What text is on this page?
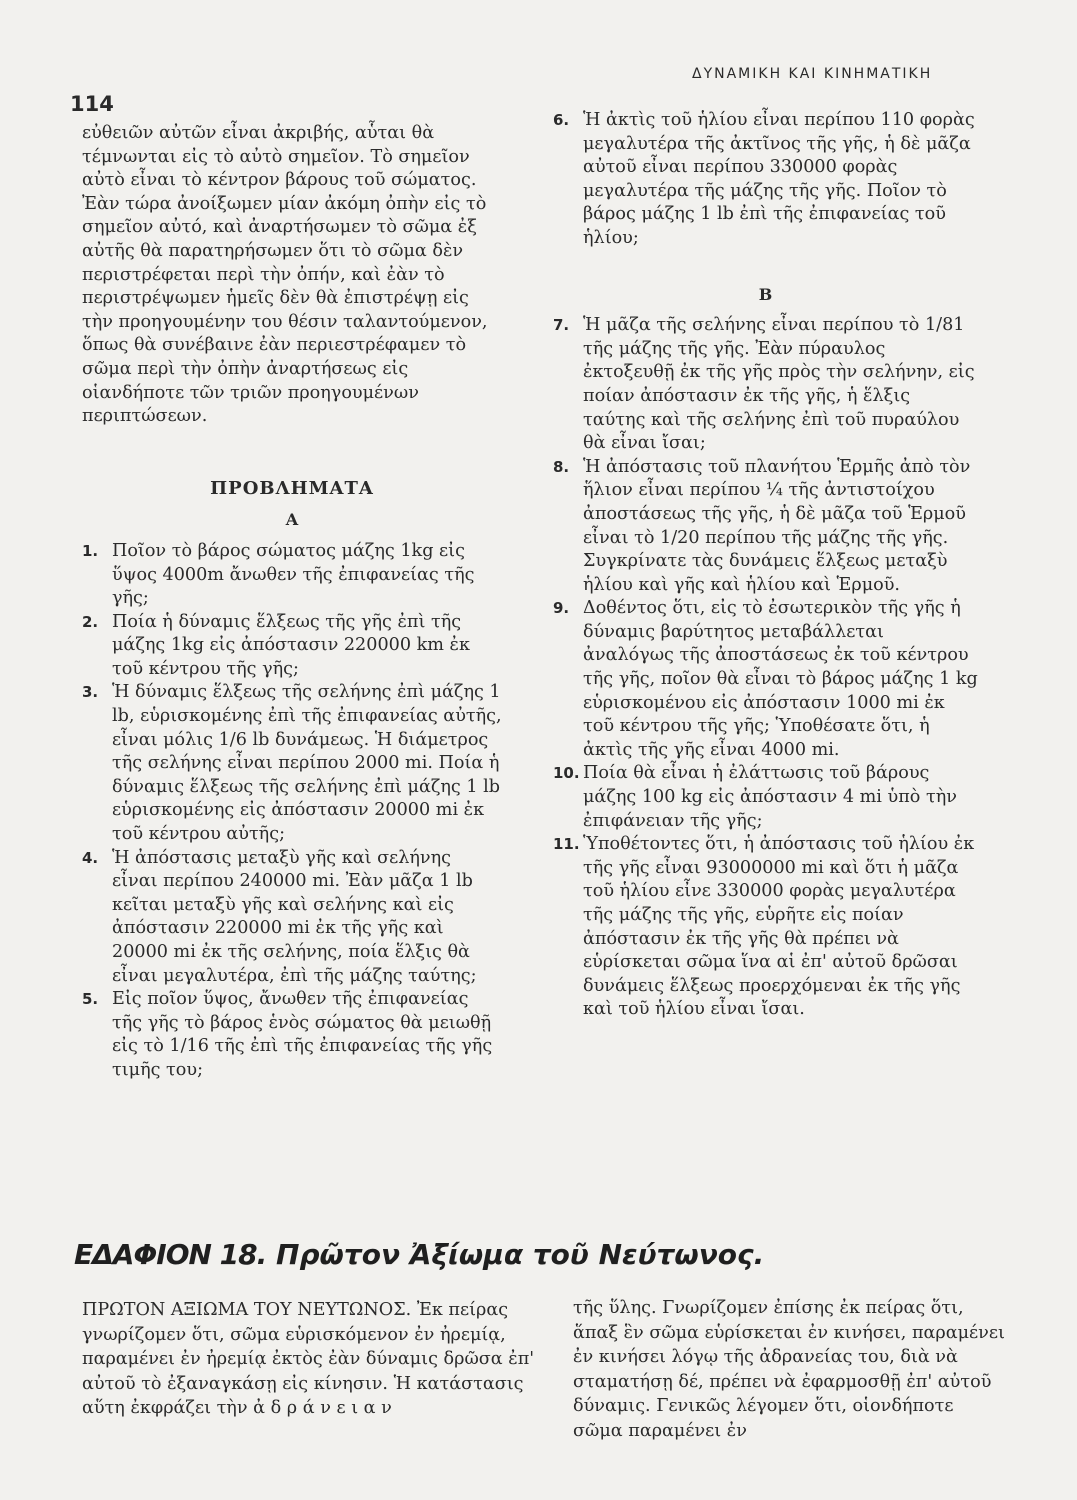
114
ΔΥΝΑΜΙΚΗ ΚΑΙ ΚΙΝΗΜΑΤΙΚΗ

εὐθειῶν αὐτῶν εἶναι ἀκριβής, αὗται θὰ τέμνωνται εἰς τὸ αὐτὸ σημεῖον. Τὸ σημεῖον αὐτὸ εἶναι τὸ κέντρον βάρους τοῦ σώματος. Ἐὰν τώρα ἀνοίξωμεν μίαν ἀκόμη ὀπὴν εἰς τὸ σημεῖον αὐτό, καὶ ἀναρτήσωμεν τὸ σῶμα ἐξ αὐτῆς θὰ παρατηρήσωμεν ὅτι τὸ σῶμα δὲν περιστρέφεται περὶ τὴν ὀπήν, καὶ ἐὰν τὸ περιστρέψωμεν ἡμεῖς δὲν θὰ ἐπιστρέψῃ εἰς τὴν προηγουμένην του θέσιν ταλαντούμενον, ὅπως θὰ συνέβαινε ἐὰν περιεστρέφαμεν τὸ σῶμα περὶ τὴν ὀπὴν ἀναρτήσεως εἰς οἱανδήποτε τῶν τριῶν προηγουμένων περιπτώσεων.

ΠΡΟΒΛΗΜΑΤΑ

Α

1. Ποῖον τὸ βάρος σώματος μάζης 1kg εἰς ὕψος 4000m ἄνωθεν τῆς ἐπιφανείας τῆς γῆς;
2. Ποία ἡ δύναμις ἕλξεως τῆς γῆς ἐπὶ τῆς μάζης 1kg εἰς ἀπόστασιν 220000 km ἐκ τοῦ κέντρου τῆς γῆς;
3. Ἡ δύναμις ἕλξεως τῆς σελήνης ἐπὶ μάζης 1 lb, εὑρισκομένης ἐπὶ τῆς ἐπιφανείας αὐτῆς, εἶναι μόλις 1/6 lb δυνάμεως. Ἡ διάμετρος τῆς σελήνης εἶναι περίπου 2000 mi. Ποία ἡ δύναμις ἕλξεως τῆς σελήνης ἐπὶ μάζης 1 lb εὑρισκομένης εἰς ἀπόστασιν 20000 mi ἐκ τοῦ κέντρου αὐτῆς;
4. Ἡ ἀπόστασις μεταξὺ γῆς καὶ σελήνης εἶναι περίπου 240000 mi. Ἐὰν μᾶζα 1 lb κεῖται μεταξὺ γῆς καὶ σελήνης καὶ εἰς ἀπόστασιν 220000 mi ἐκ τῆς γῆς καὶ 20000 mi ἐκ τῆς σελήνης, ποία ἕλξις θὰ εἶναι μεγαλυτέρα, ἐπὶ τῆς μάζης ταύτης;
5. Εἰς ποῖον ὕψος, ἄνωθεν τῆς ἐπιφανείας τῆς γῆς τὸ βάρος ἑνὸς σώματος θὰ μειωθῇ εἰς τὸ 1/16 τῆς ἐπὶ τῆς ἐπιφανείας τῆς γῆς τιμῆς του;
6. Ἡ ἀκτὶς τοῦ ἡλίου εἶναι περίπου 110 φορὰς μεγαλυτέρα τῆς ἀκτῖνος τῆς γῆς, ἡ δὲ μᾶζα αὐτοῦ εἶναι περίπου 330000 φορὰς μεγαλυτέρα τῆς μάζης τῆς γῆς. Ποῖον τὸ βάρος μάζης 1 lb ἐπὶ τῆς ἐπιφανείας τοῦ ἡλίου;

Β

7. Ἡ μᾶζα τῆς σελήνης εἶναι περίπου τὸ 1/81 τῆς μάζης τῆς γῆς. Ἐὰν πύραυλος ἐκτοξευθῇ ἐκ τῆς γῆς πρὸς τὴν σελήνην, εἰς ποίαν ἀπόστασιν ἐκ τῆς γῆς, ἡ ἕλξις ταύτης καὶ τῆς σελήνης ἐπὶ τοῦ πυραύλου θὰ εἶναι ἴσαι;
8. Ἡ ἀπόστασις τοῦ πλανήτου Ἑρμῆς ἀπὸ τὸν ἥλιον εἶναι περίπου ¼ τῆς ἀντιστοίχου ἀποστάσεως τῆς γῆς, ἡ δὲ μᾶζα τοῦ Ἑρμοῦ εἶναι τὸ 1/20 περίπου τῆς μάζης τῆς γῆς. Συγκρίνατε τὰς δυνάμεις ἕλξεως μεταξὺ ἡλίου καὶ γῆς καὶ ἡλίου καὶ Ἑρμοῦ.
9. Δοθέντος ὅτι, εἰς τὸ ἐσωτερικὸν τῆς γῆς ἡ δύναμις βαρύτητος μεταβάλλεται ἀναλόγως τῆς ἀποστάσεως ἐκ τοῦ κέντρου τῆς γῆς, ποῖον θὰ εἶναι τὸ βάρος μάζης 1 kg εὑρισκομένου εἰς ἀπόστασιν 1000 mi ἐκ τοῦ κέντρου τῆς γῆς; Ὑποθέσατε ὅτι, ἡ ἀκτὶς τῆς γῆς εἶναι 4000 mi.
10. Ποία θὰ εἶναι ἡ ἐλάττωσις τοῦ βάρους μάζης 100 kg εἰς ἀπόστασιν 4 mi ὑπὸ τὴν ἐπιφάνειαν τῆς γῆς;
11. Ὑποθέτοντες ὅτι, ἡ ἀπόστασις τοῦ ἡλίου ἐκ τῆς γῆς εἶναι 93000000 mi καὶ ὅτι ἡ μᾶζα τοῦ ἡλίου εἶνε 330000 φορὰς μεγαλυτέρα τῆς μάζης τῆς γῆς, εὑρῆτε εἰς ποίαν ἀπόστασιν ἐκ τῆς γῆς θὰ πρέπει νὰ εὑρίσκεται σῶμα ἵνα αἱ ἐπ' αὐτοῦ δρῶσαι δυνάμεις ἕλξεως προερχόμεναι ἐκ τῆς γῆς καὶ τοῦ ἡλίου εἶναι ἴσαι.
ΕΔΑΦΙΟΝ 18. Πρῶτον Ἀξίωμα τοῦ Νεύτωνος.
ΠΡΩΤΟΝ ΑΞΙΩΜΑ ΤΟΥ ΝΕΥΤΩΝΟΣ. Ἐκ πείρας γνωρίζομεν ὅτι, σῶμα εὑρισκόμενον ἐν ἠρεμίᾳ, παραμένει ἐν ἠρεμίᾳ ἐκτὸς ἐὰν δύναμις δρῶσα ἐπ' αὐτοῦ τὸ ἐξαναγκάσῃ εἰς κίνησιν. Ἡ κατάστασις αὕτη ἐκφράζει τὴν ἀ δ ρ ά ν ε ι α ν
τῆς ὕλης. Γνωρίζομεν ἐπίσης ἐκ πείρας ὅτι, ἅπαξ ἓν σῶμα εὑρίσκεται ἐν κινήσει, παραμένει ἐν κινήσει λόγῳ τῆς ἀδρανείας του, διὰ νὰ σταματήσῃ δέ, πρέπει νὰ ἐφαρμοσθῇ ἐπ' αὐτοῦ δύναμις. Γενικῶς λέγομεν ὅτι, οἱονδήποτε σῶμα παραμένει ἐν
